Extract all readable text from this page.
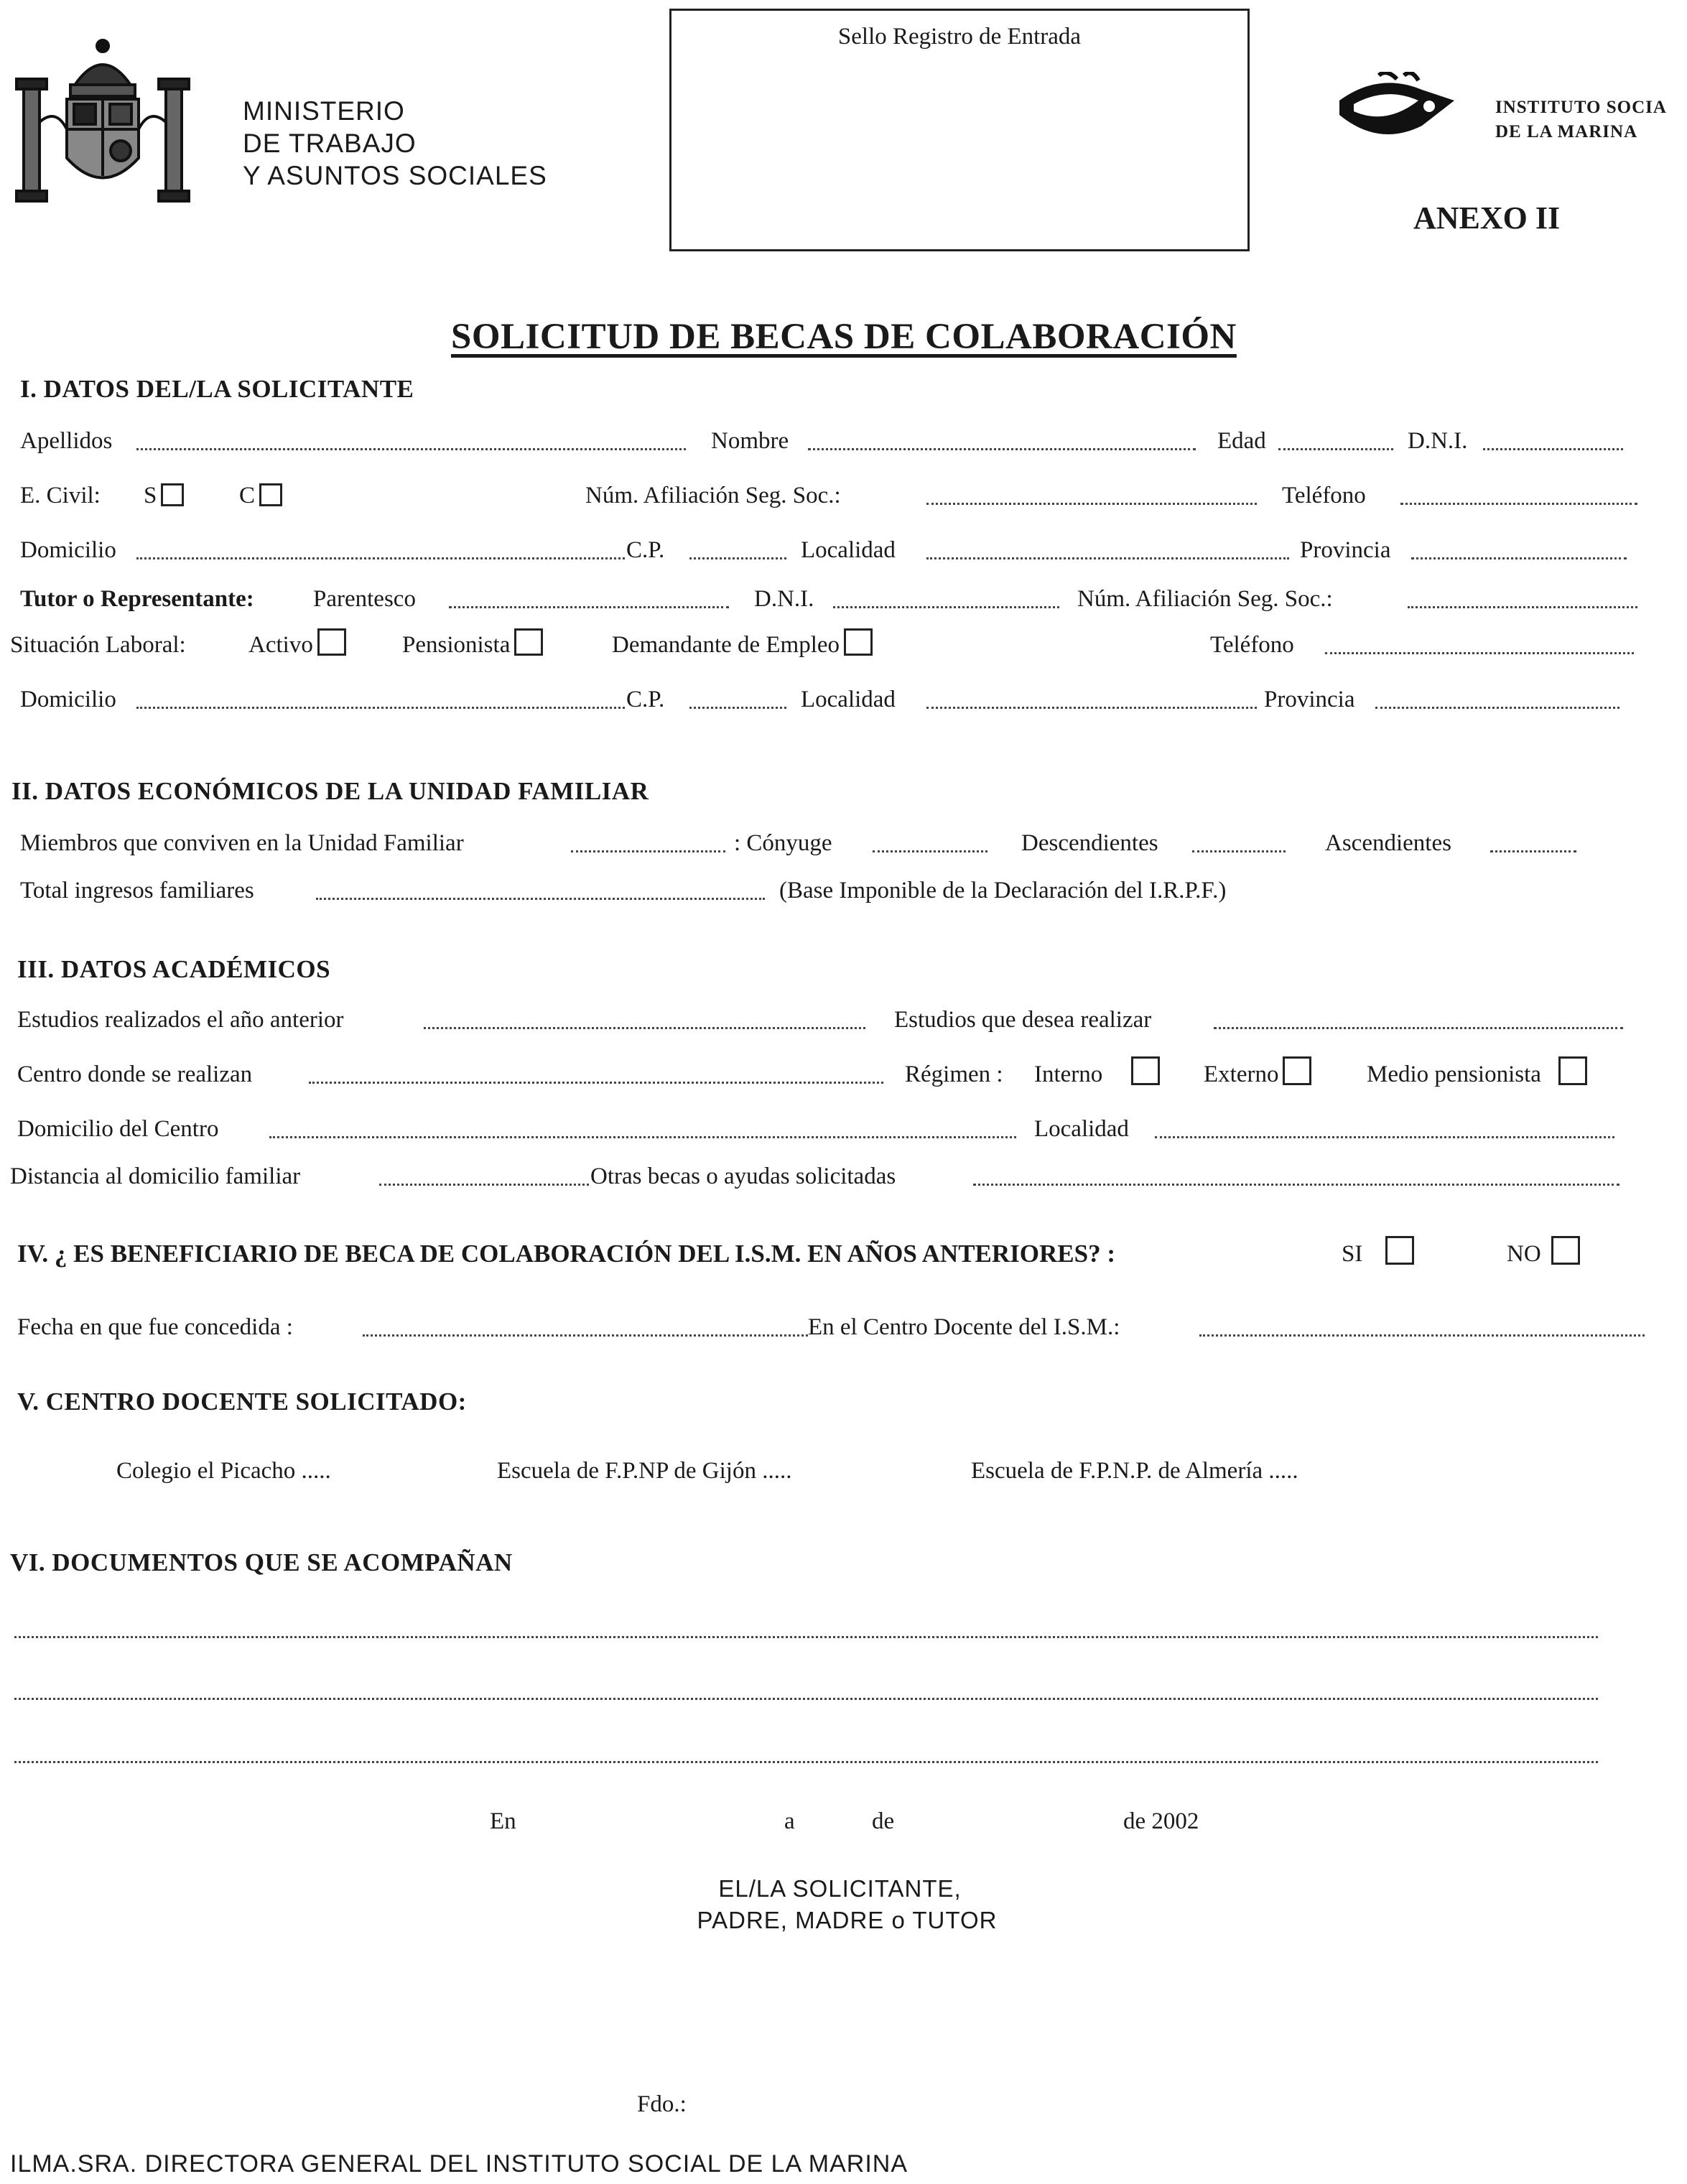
MINISTERIO
DE TRABAJO
Y ASUNTOS SOCIALES
Sello Registro de Entrada
INSTITUTO SOCIA
DE LA MARINA
ANEXO II
SOLICITUD DE BECAS DE COLABORACIÓN
I. DATOS DEL/LA SOLICITANTE
Apellidos	Nombre	Edad	D.N.I.
E. Civil: S	C	Núm. Afiliación Seg. Soc.:	Teléfono
Domicilio	C.P.	Localidad	Provincia
Tutor o Representante: Parentesco	D.N.I.	Núm. Afiliación Seg. Soc.:
Situación Laboral:	Activo	Pensionista	Demandante de Empleo	Teléfono
Domicilio	C.P.	Localidad	Provincia
II. DATOS ECONÓMICOS DE LA UNIDAD FAMILIAR
Miembros que conviven en la Unidad Familiar	: Cónyuge	Descendientes	Ascendientes
Total ingresos familiares	(Base Imponible de la Declaración del I.R.P.F.)
III. DATOS ACADÉMICOS
Estudios realizados el año anterior	Estudios que desea realizar
Centro donde se realizan	Régimen : Interno	Externo	Medio pensionista
Domicilio del Centro	Localidad
Distancia al domicilio familiar	Otras becas o ayudas solicitadas
IV. ¿ ES BENEFICIARIO DE BECA DE COLABORACIÓN DEL I.S.M. EN AÑOS ANTERIORES? :	SI	NO
Fecha en que fue concedida :	En el Centro Docente del I.S.M.:
V. CENTRO DOCENTE SOLICITADO:
Colegio el Picacho .....	Escuela de F.P.NP de Gijón .....	Escuela de F.P.N.P. de Almería .....
VI. DOCUMENTOS QUE SE ACOMPAÑAN
En	a	de	de 2002
EL/LA SOLICITANTE,
PADRE, MADRE o TUTOR
Fdo.:
ILMA.SRA. DIRECTORA GENERAL DEL INSTITUTO SOCIAL DE LA MARINA
